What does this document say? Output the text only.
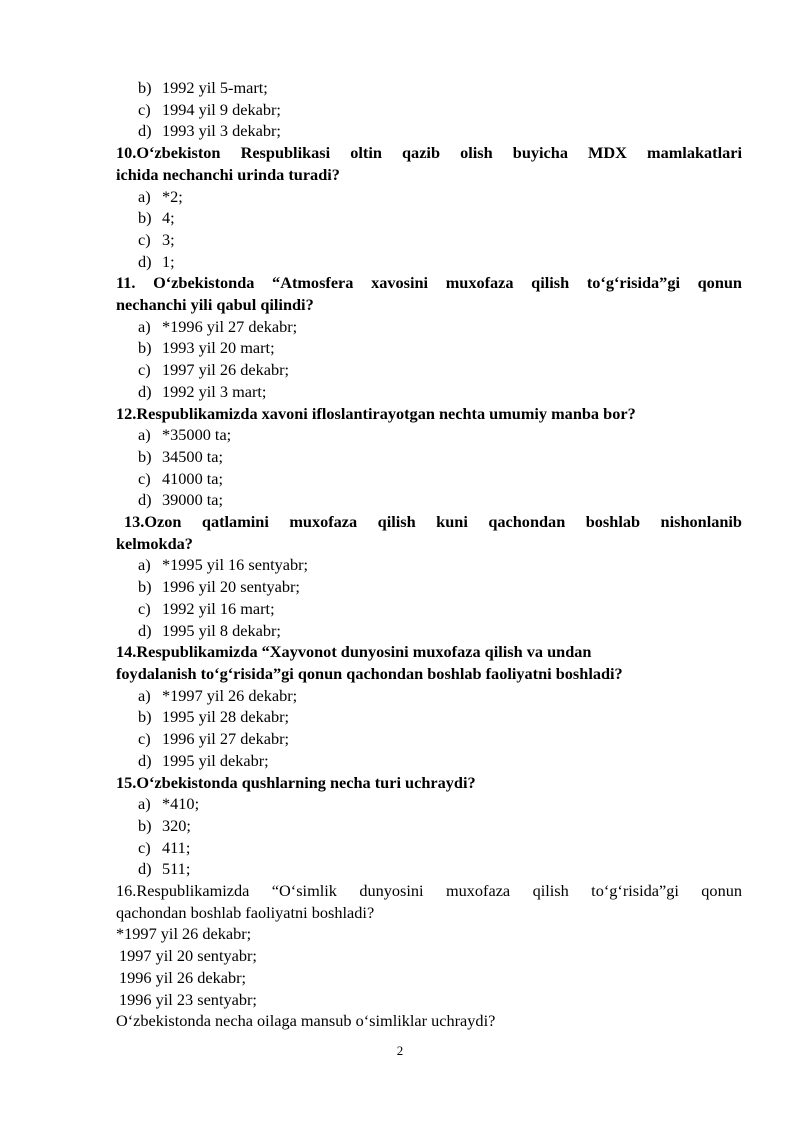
b) 1992 yil 5-mart;
c) 1994 yil 9 dekabr;
d) 1993 yil 3 dekabr;
10.O‘zbekiston Respublikasi oltin qazib olish buyicha MDX mamlakatlari
ichida nechanchi urinda turadi?
a) *2;
b) 4;
c) 3;
d) 1;
11. O‘zbekistonda “Atmosfera xavosini muxofaza qilish to‘g‘risida”gi qonun
nechanchi yili qabul qilindi?
a) *1996 yil 27 dekabr;
b) 1993 yil 20 mart;
c) 1997 yil 26 dekabr;
d) 1992 yil 3 mart;
12.Respublikamizda xavoni ifloslantirayotgan nechta umumiy manba bor?
a) *35000 ta;
b) 34500 ta;
c) 41000 ta;
d) 39000 ta;
13.Ozon qatlamini muxofaza qilish kuni qachondan boshlab nishonlanib
kelmokda?
a) *1995 yil 16 sentyabr;
b) 1996 yil 20 sentyabr;
c) 1992 yil 16 mart;
d) 1995 yil 8 dekabr;
14.Respublikamizda “Xayvonot dunyosini muxofaza qilish va undan
foydalanish to‘g‘risida”gi qonun qachondan boshlab faoliyatni boshladi?
a) *1997 yil 26 dekabr;
b) 1995 yil 28 dekabr;
c) 1996 yil 27 dekabr;
d) 1995 yil dekabr;
15.O‘zbekistonda qushlarning necha turi uchraydi?
a) *410;
b) 320;
c) 411;
d) 511;
16.Respublikamizda “O‘simlik dunyosini muxofaza qilish to‘g‘risida”gi qonun
qachondan boshlab faoliyatni boshladi?
*1997 yil 26 dekabr;
1997 yil 20 sentyabr;
1996 yil 26 dekabr;
1996 yil 23 sentyabr;
O‘zbekistonda necha oilaga mansub o‘simliklar uchraydi?
2
